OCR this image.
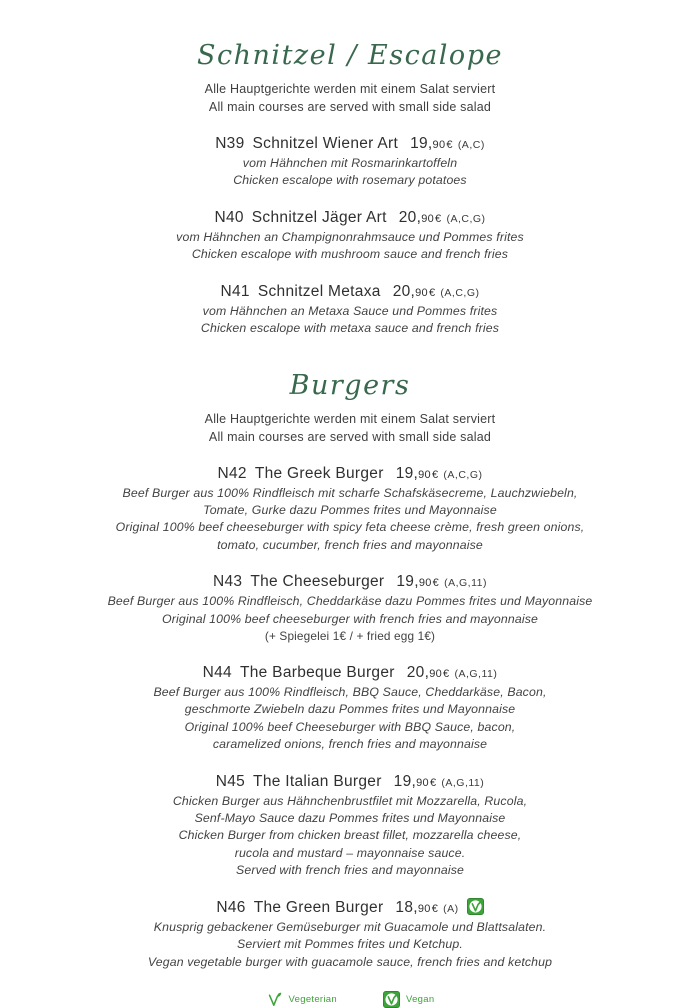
Schnitzel / Escalope
Alle Hauptgerichte werden mit einem Salat serviert
All main courses are served with small side salad
N39 Schnitzel Wiener Art 19,90€ (A,C)
vom Hähnchen mit Rosmarinkartoffeln
Chicken escalope with rosemary potatoes
N40 Schnitzel Jäger Art 20,90€ (A,C,G)
vom Hähnchen an Champignonrahmsauce und Pommes frites
Chicken escalope with mushroom sauce and french fries
N41 Schnitzel Metaxa 20,90€ (A,C,G)
vom Hähnchen an Metaxa Sauce und Pommes frites
Chicken escalope with metaxa sauce and french fries
Burgers
Alle Hauptgerichte werden mit einem Salat serviert
All main courses are served with small side salad
N42 The Greek Burger 19,90€ (A,C,G)
Beef Burger aus 100% Rindfleisch mit scharfe Schafskäsecreme, Lauchzwiebeln,
Tomate, Gurke dazu Pommes frites und Mayonnaise
Original 100% beef cheeseburger with spicy feta cheese crème, fresh green onions,
tomato, cucumber, french fries and mayonnaise
N43 The Cheeseburger 19,90€ (A,G,11)
Beef Burger aus 100% Rindfleisch, Cheddarkäse dazu Pommes frites und Mayonnaise
Original 100% beef cheeseburger with french fries and mayonnaise
(+ Spiegelei 1€ / + fried egg 1€)
N44 The Barbeque Burger 20,90€ (A,G,11)
Beef Burger aus 100% Rindfleisch, BBQ Sauce, Cheddarkäse, Bacon,
geschmorte Zwiebeln dazu Pommes frites und Mayonnaise
Original 100% beef Cheeseburger with BBQ Sauce, bacon,
caramelized onions, french fries and mayonnaise
N45 The Italian Burger 19,90€ (A,G,11)
Chicken Burger aus Hähnchenbrustfilet mit Mozzarella, Rucola,
Senf-Mayo Sauce dazu Pommes frites und Mayonnaise
Chicken Burger from chicken breast fillet, mozzarella cheese,
rucola and mustard – mayonnaise sauce.
Served with french fries and mayonnaise
N46 The Green Burger 18,90€ (A)
Knusprig gebackener Gemüseburger mit Guacamole und Blattsalaten.
Serviert mit Pommes frites und Ketchup.
Vegan vegetable burger with guacamole sauce, french fries and ketchup
Vegeterian	Vegan
